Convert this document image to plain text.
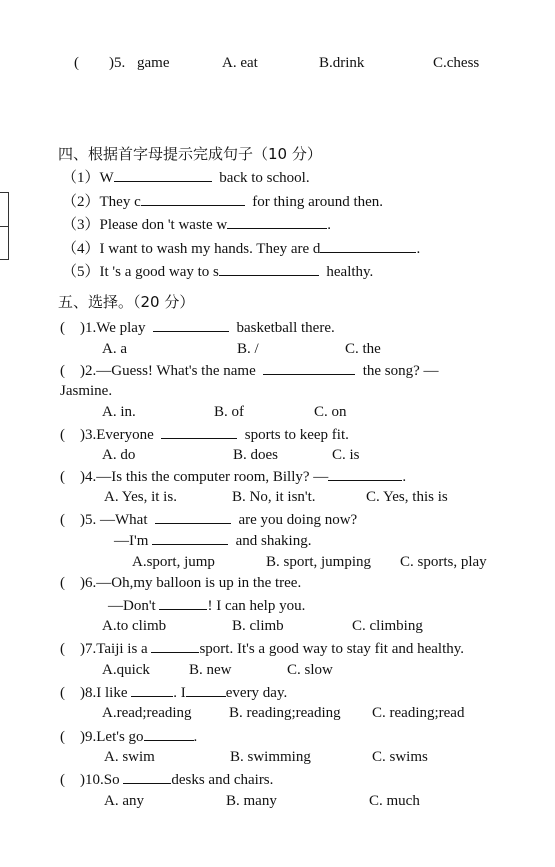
(　　)5. game	A. eat	B.drink	C.chess
四、根据首字母提示完成句子（10 分）
（1）W	back to school.
（2）They c	for thing around then.
（3）Please don 't waste w	.
（4）I want to wash my hands. They are d	.
（5）It 's a good way to s	healthy.
五、选择。（20 分）
(　)1.We play	basketball there.
A. a	B. /	C. the
(　)2.—Guess! What's the name	the song? —
Jasmine.
A. in.	B. of	C. on
(　)3.Everyone	sports to keep fit.
A. do	B. does	C. is
(　)4.—Is this the computer room, Billy? —	.
A. Yes, it is.	B. No, it isn't.	C. Yes, this is
(　)5. —What	are you doing now?
—I'm	and shaking.
A.sport, jump	B. sport, jumping C. sports, play
(　)6.—Oh,my balloon is up in the tree.
—Don't	! I can help you.
A.to climb	B. climb	C. climbing
(　)7.Taiji is a	sport. It's a good way to stay fit and healthy.
A.quick	B. new	C. slow
(　)8.I like	. I	every day.
A.read;reading B. reading;reading C. reading;read
(　)9.Let's go	.
A. swim	B. swimming	C. swims
(　)10.So	desks and chairs.
A. any	B. many	C. much
